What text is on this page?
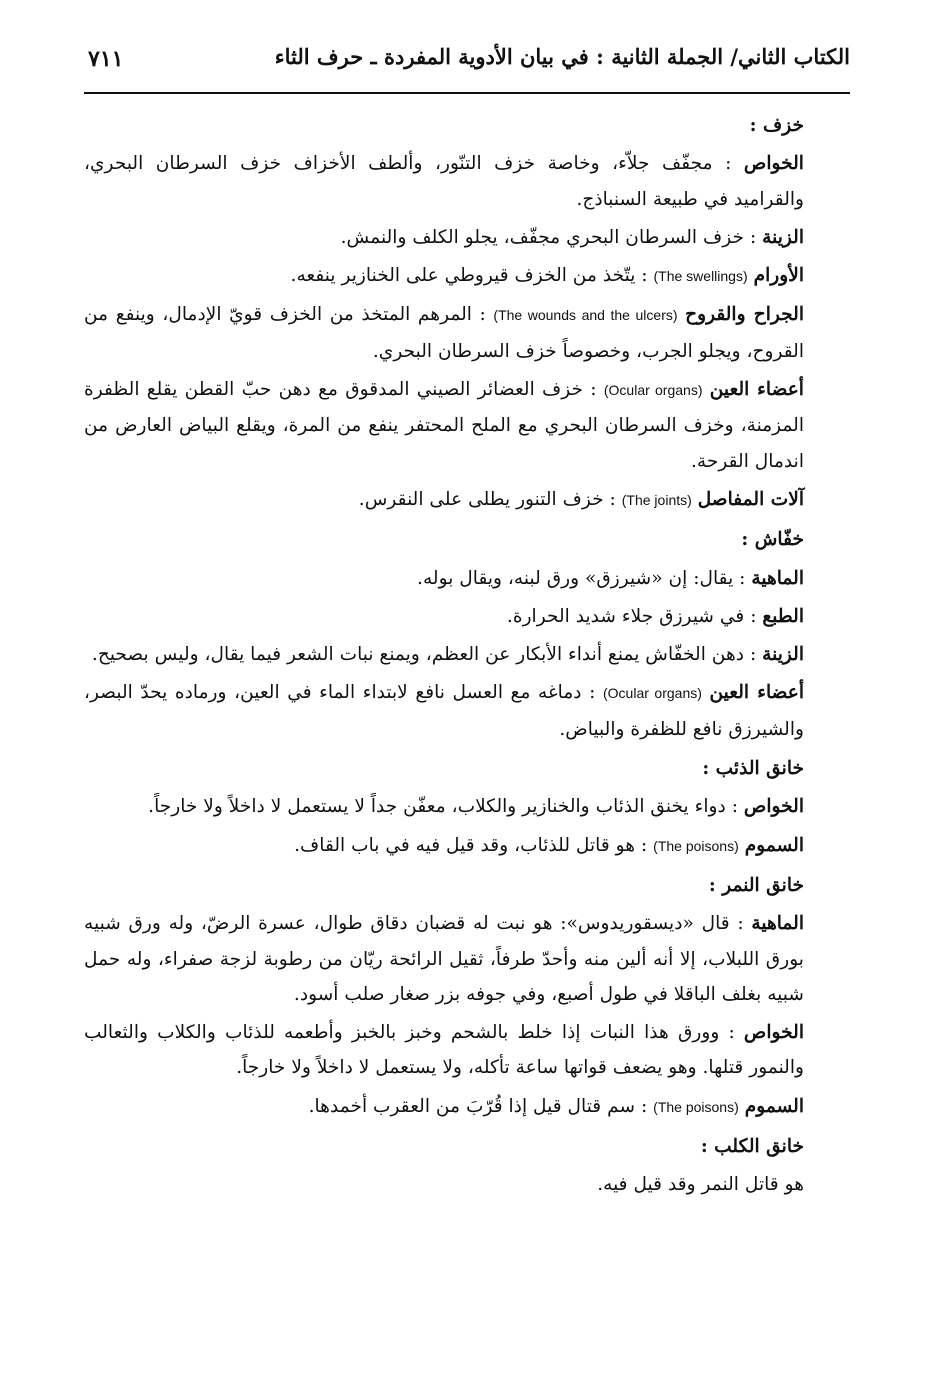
الكتاب الثاني/ الجملة الثانية : في بيان الأدوية المفردة ـ حرف الثاء
٧١١

خزف :

الخواص : مجفّف جلاّء، وخاصة خزف التنّور، وألطف الأخزاف خزف السرطان البحري، والقراميد في طبيعة السنباذج.

الزينة : خزف السرطان البحري مجفّف، يجلو الكلف والنمش.

الأورام (The swellings) : يتّخذ من الخزف قيروطي على الخنازير ينفعه.

الجراح والقروح (The wounds and the ulcers) : المرهم المتخذ من الخزف قويّ الإدمال، وينفع من القروح، ويجلو الجرب، وخصوصاً خزف السرطان البحري.

أعضاء العين (Ocular organs) : خزف العضائر الصيني المدقوق مع دهن حبّ القطن يقلع الظفرة المزمنة، وخزف السرطان البحري مع الملح المحتفر ينفع من المرة، ويقلع البياض العارض من اندمال القرحة.

آلات المفاصل (The joints) : خزف التنور يطلى على النقرس.

خفّاش :

الماهية : يقال: إن «شيرزق» ورق لبنه، ويقال بوله.

الطبع : في شيرزق جلاء شديد الحرارة.

الزينة : دهن الخفّاش يمنع أنداء الأبكار عن العظم، ويمنع نبات الشعر فيما يقال، وليس بصحيح.

أعضاء العين (Ocular organs) : دماغه مع العسل نافع لابتداء الماء في العين، ورماده يحدّ البصر، والشيرزق نافع للظفرة والبياض.

خانق الذئب :

الخواص : دواء يخنق الذئاب والخنازير والكلاب، معفّن جداً لا يستعمل لا داخلاً ولا خارجاً.

السموم (The poisons) : هو قاتل للذئاب، وقد قيل فيه في باب القاف.

خانق النمر :

الماهية : قال «ديسقوريدوس»: هو نبت له قضبان دقاق طوال، عسرة الرضّ، وله ورق شبيه بورق اللبلاب، إلا أنه ألين منه وأحدّ طرفاً، ثقيل الرائحة ريّان من رطوبة لزجة صفراء، وله حمل شبيه بغلف الباقلا في طول أصبع، وفي جوفه بزر صغار صلب أسود.

الخواص : وورق هذا النبات إذا خلط بالشحم وخبز بالخبز وأطعمه للذئاب والكلاب والثعالب والنمور قتلها. وهو يضعف قواتها ساعة تأكله، ولا يستعمل لا داخلاً ولا خارجاً.

السموم (The poisons) : سم قتال قيل إذا قُرّبَ من العقرب أخمدها.

خانق الكلب :

هو قاتل النمر وقد قيل فيه.
